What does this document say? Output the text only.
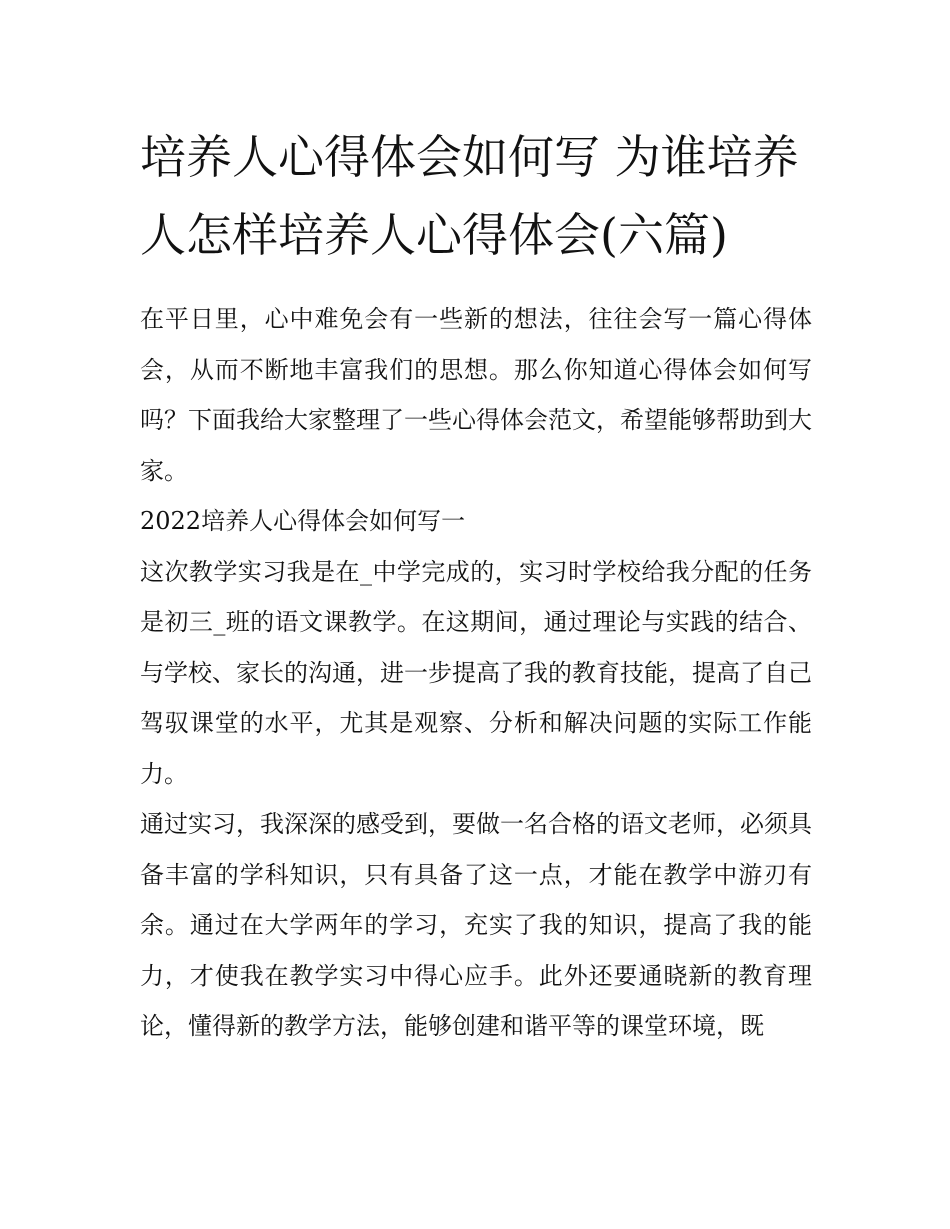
培养人心得体会如何写 为谁培养人怎样培养人心得体会(六篇)

在平日里，心中难免会有一些新的想法，往往会写一篇心得体会，从而不断地丰富我们的思想。那么你知道心得体会如何写吗？下面我给大家整理了一些心得体会范文，希望能够帮助到大家。

2022培养人心得体会如何写一

这次教学实习我是在_中学完成的，实习时学校给我分配的任务是初三_班的语文课教学。在这期间，通过理论与实践的结合、与学校、家长的沟通，进一步提高了我的教育技能，提高了自己驾驭课堂的水平，尤其是观察、分析和解决问题的实际工作能力。

通过实习，我深深的感受到，要做一名合格的语文老师，必须具备丰富的学科知识，只有具备了这一点，才能在教学中游刃有余。通过在大学两年的学习，充实了我的知识，提高了我的能力，才使我在教学实习中得心应手。此外还要通晓新的教育理论，懂得新的教学方法，能够创建和谐平等的课堂环境，既
